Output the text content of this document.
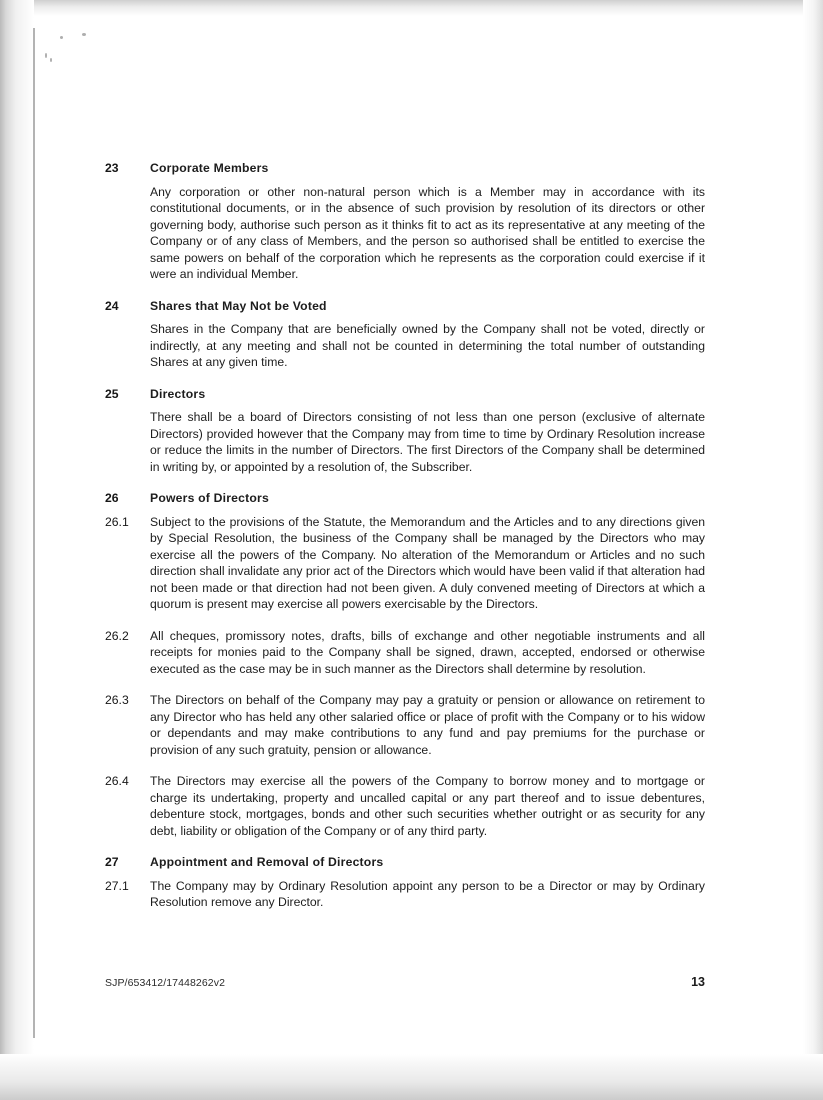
23	Corporate Members
Any corporation or other non-natural person which is a Member may in accordance with its constitutional documents, or in the absence of such provision by resolution of its directors or other governing body, authorise such person as it thinks fit to act as its representative at any meeting of the Company or of any class of Members, and the person so authorised shall be entitled to exercise the same powers on behalf of the corporation which he represents as the corporation could exercise if it were an individual Member.
24	Shares that May Not be Voted
Shares in the Company that are beneficially owned by the Company shall not be voted, directly or indirectly, at any meeting and shall not be counted in determining the total number of outstanding Shares at any given time.
25	Directors
There shall be a board of Directors consisting of not less than one person (exclusive of alternate Directors) provided however that the Company may from time to time by Ordinary Resolution increase or reduce the limits in the number of Directors. The first Directors of the Company shall be determined in writing by, or appointed by a resolution of, the Subscriber.
26	Powers of Directors
26.1	Subject to the provisions of the Statute, the Memorandum and the Articles and to any directions given by Special Resolution, the business of the Company shall be managed by the Directors who may exercise all the powers of the Company. No alteration of the Memorandum or Articles and no such direction shall invalidate any prior act of the Directors which would have been valid if that alteration had not been made or that direction had not been given. A duly convened meeting of Directors at which a quorum is present may exercise all powers exercisable by the Directors.
26.2	All cheques, promissory notes, drafts, bills of exchange and other negotiable instruments and all receipts for monies paid to the Company shall be signed, drawn, accepted, endorsed or otherwise executed as the case may be in such manner as the Directors shall determine by resolution.
26.3	The Directors on behalf of the Company may pay a gratuity or pension or allowance on retirement to any Director who has held any other salaried office or place of profit with the Company or to his widow or dependants and may make contributions to any fund and pay premiums for the purchase or provision of any such gratuity, pension or allowance.
26.4	The Directors may exercise all the powers of the Company to borrow money and to mortgage or charge its undertaking, property and uncalled capital or any part thereof and to issue debentures, debenture stock, mortgages, bonds and other such securities whether outright or as security for any debt, liability or obligation of the Company or of any third party.
27	Appointment and Removal of Directors
27.1	The Company may by Ordinary Resolution appoint any person to be a Director or may by Ordinary Resolution remove any Director.
SJP/653412/17448262v2	13
